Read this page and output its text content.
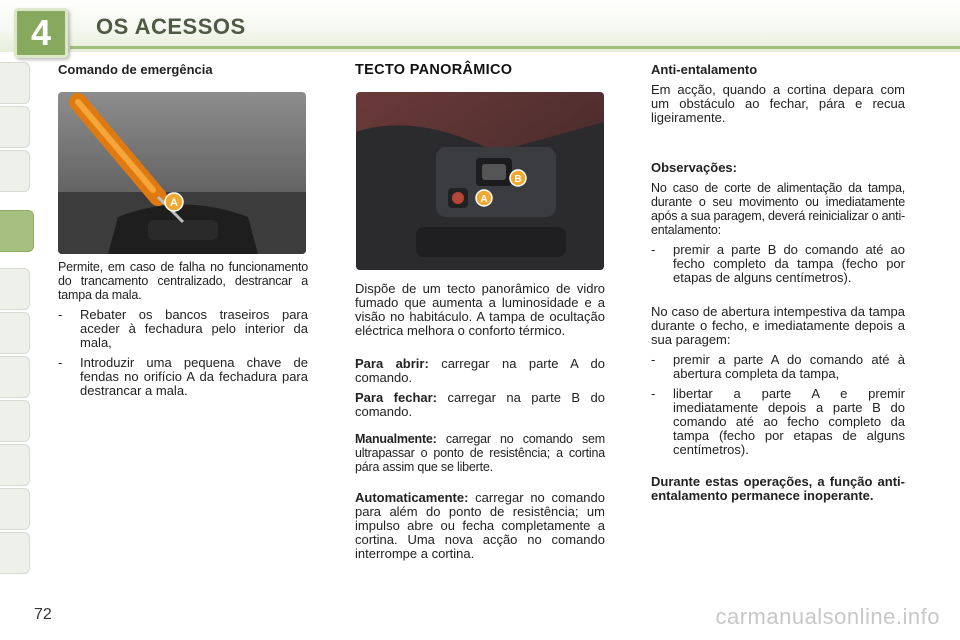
4	OS ACESSOS
Comando de emergência
A

Permite, em caso de falha no funcionamento do trancamento centralizado, destrancar a tampa da mala.

-	Rebater os bancos traseiros para aceder à fechadura pelo interior da mala,
-	Introduzir uma pequena chave de fendas no orifício A da fechadura para destrancar a mala.
TECTO PANORÂMICO
B
A

Dispõe de um tecto panorâmico de vidro fumado que aumenta a luminosidade e a visão no habitáculo. A tampa de ocultação eléctrica melhora o conforto térmico.

Para abrir: carregar na parte A do comando.

Para fechar: carregar na parte B do comando.

Manualmente: carregar no comando sem ultrapassar o ponto de resistência; a cortina pára assim que se liberte.

Automaticamente: carregar no comando para além do ponto de resistência; um impulso abre ou fecha completamente a cortina. Uma nova acção no comando interrompe a cortina.

Anti-entalamento

Em acção, quando a cortina depara com um obstáculo ao fechar, pára e recua ligeiramente.

Observações:

No caso de corte de alimentação da tampa, durante o seu movimento ou imediatamente após a sua paragem, deverá reinicializar o anti-entalamento:

-	premir a parte B do comando até ao fecho completo da tampa (fecho por etapas de alguns centímetros).

No caso de abertura intempestiva da tampa durante o fecho, e imediatamente depois a sua paragem:

-	premir a parte A do comando até à abertura completa da tampa,
-	libertar a parte A e premir imediatamente depois a parte B do comando até ao fecho completo da tampa (fecho por etapas de alguns centímetros).

Durante estas operações, a função anti-entalamento permanece inoperante.

72	carmanualsonline.info
